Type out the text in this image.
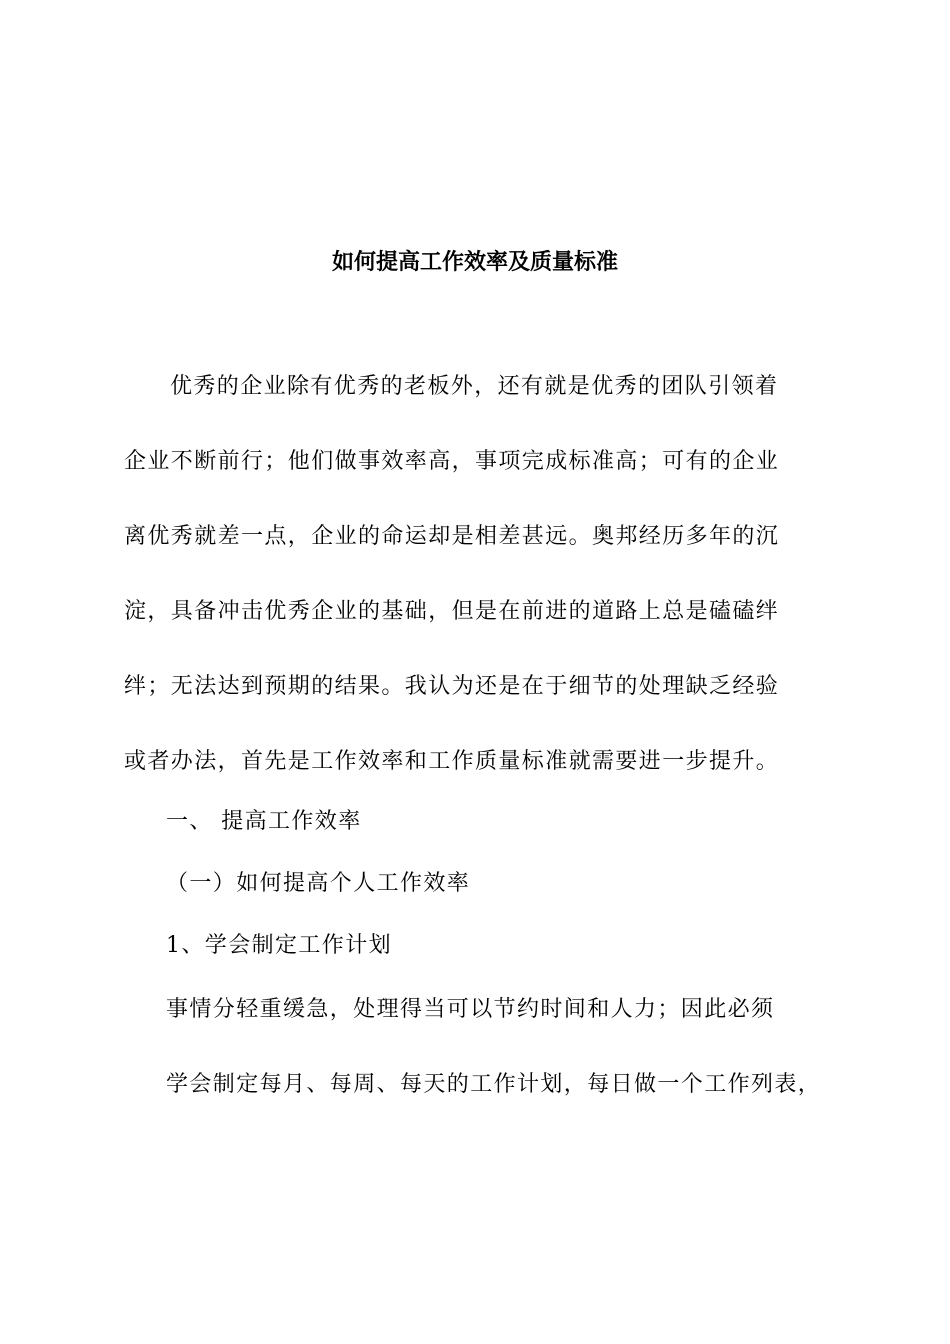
如何提高工作效率及质量标准
优秀的企业除有优秀的老板外，还有就是优秀的团队引领着
企业不断前行；他们做事效率高，事项完成标准高；可有的企业
离优秀就差一点，企业的命运却是相差甚远。奥邦经历多年的沉
淀，具备冲击优秀企业的基础，但是在前进的道路上总是磕磕绊
绊；无法达到预期的结果。我认为还是在于细节的处理缺乏经验
或者办法，首先是工作效率和工作质量标准就需要进一步提升。
一、 提高工作效率
（一）如何提高个人工作效率
1、学会制定工作计划
事情分轻重缓急，处理得当可以节约时间和人力；因此必须
学会制定每月、每周、每天的工作计划，每日做一个工作列表，
